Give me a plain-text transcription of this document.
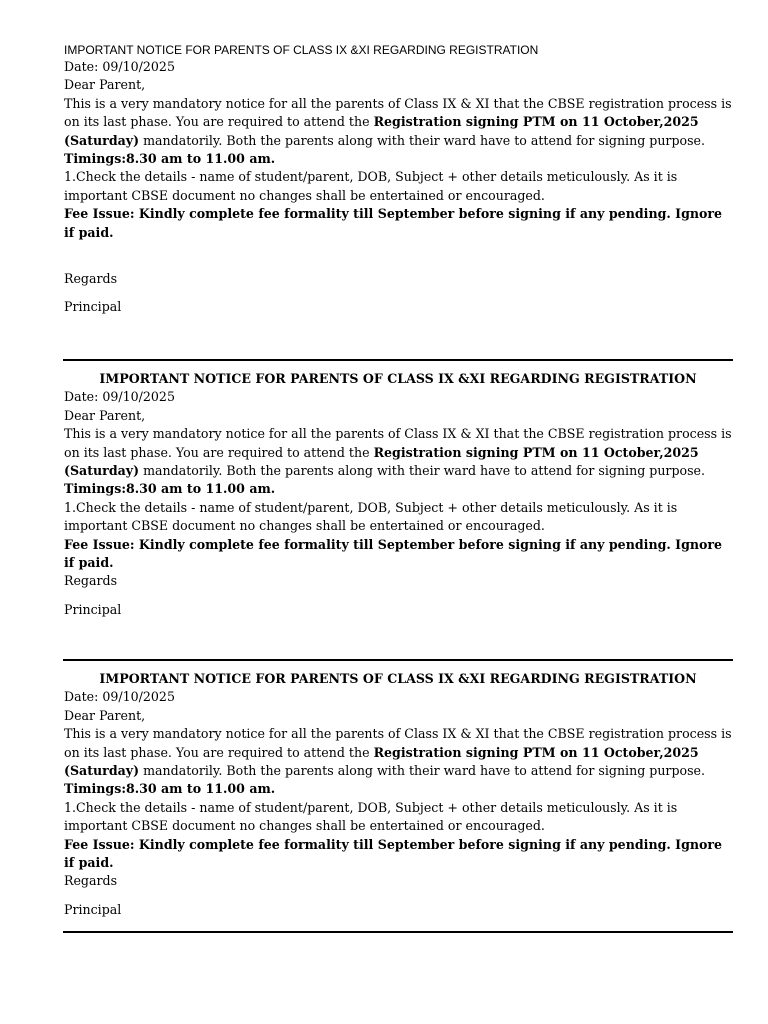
IMPORTANT NOTICE FOR PARENTS OF CLASS IX &XI REGARDING REGISTRATION

Date: 09/10/2025

Dear Parent,

This is a very mandatory notice for all the parents of Class IX & XI that the CBSE registration process is on its last phase. You are required to attend the Registration signing PTM on 11 October,2025 (Saturday) mandatorily. Both the parents along with their ward have to attend for signing purpose.

Timings:8.30 am to 11.00 am.

1.Check the details - name of student/parent, DOB, Subject + other details meticulously. As it is important CBSE document no changes shall be entertained or encouraged.

Fee Issue: Kindly complete fee formality till September before signing if any pending. Ignore if paid.

Regards

Principal

IMPORTANT NOTICE FOR PARENTS OF CLASS IX &XI REGARDING REGISTRATION

Date: 09/10/2025

Dear Parent,

This is a very mandatory notice for all the parents of Class IX & XI that the CBSE registration process is on its last phase. You are required to attend the Registration signing PTM on 11 October,2025 (Saturday) mandatorily. Both the parents along with their ward have to attend for signing purpose.

Timings:8.30 am to 11.00 am.

1.Check the details - name of student/parent, DOB, Subject + other details meticulously. As it is important CBSE document no changes shall be entertained or encouraged.

Fee Issue: Kindly complete fee formality till September before signing if any pending. Ignore if paid.

Regards

Principal

IMPORTANT NOTICE FOR PARENTS OF CLASS IX &XI REGARDING REGISTRATION

Date: 09/10/2025

Dear Parent,

This is a very mandatory notice for all the parents of Class IX & XI that the CBSE registration process is on its last phase. You are required to attend the Registration signing PTM on 11 October,2025 (Saturday) mandatorily. Both the parents along with their ward have to attend for signing purpose.

Timings:8.30 am to 11.00 am.

1.Check the details - name of student/parent, DOB, Subject + other details meticulously. As it is important CBSE document no changes shall be entertained or encouraged.

Fee Issue: Kindly complete fee formality till September before signing if any pending. Ignore if paid.

Regards

Principal
